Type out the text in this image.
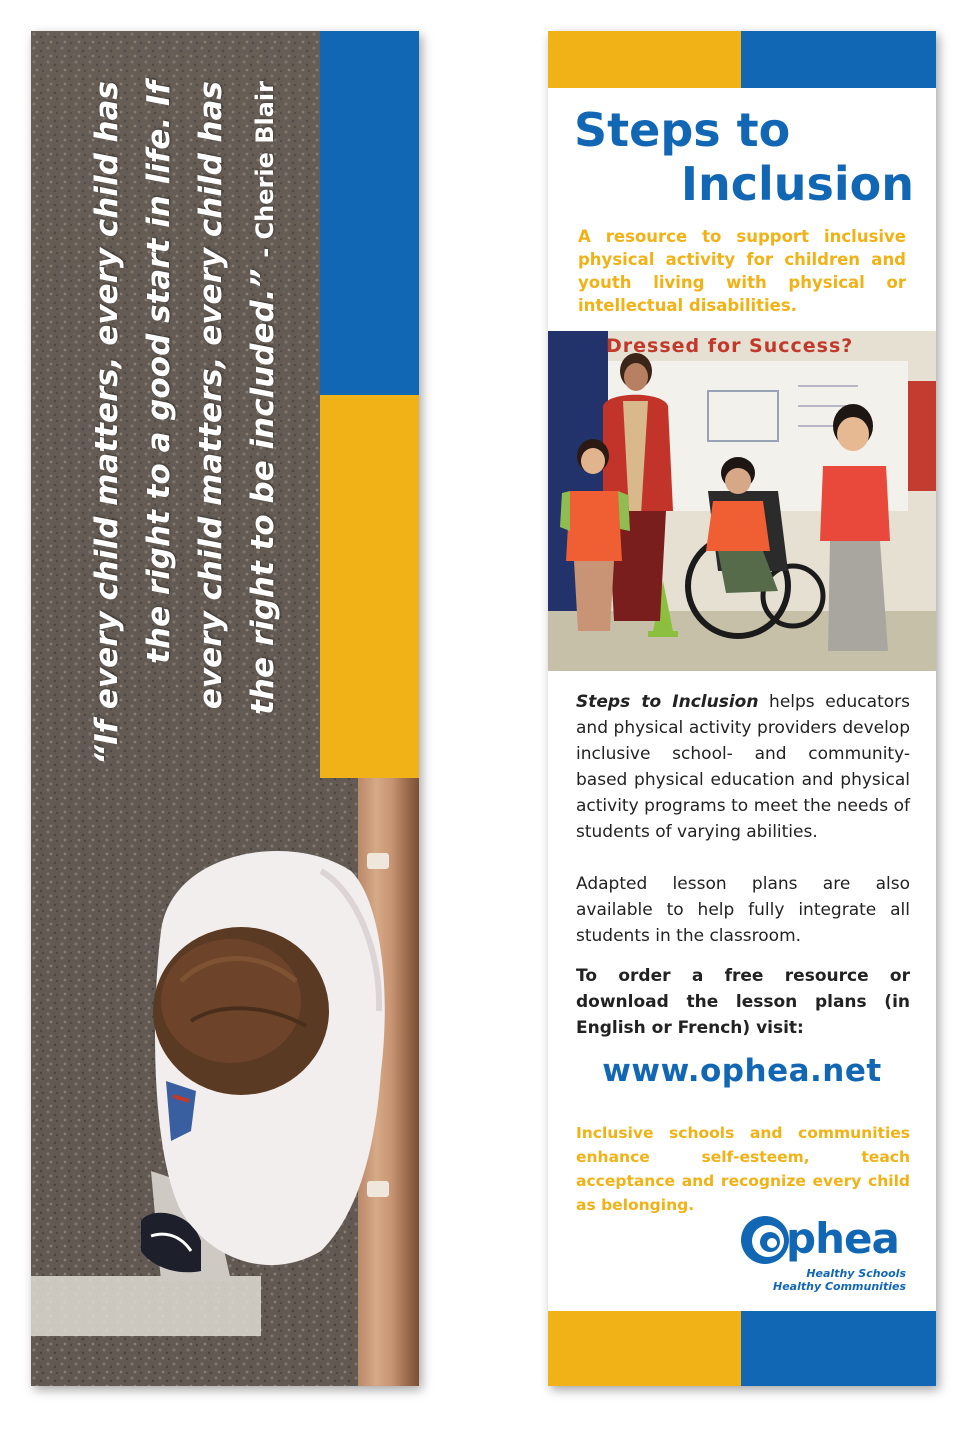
“If every child matters, every child has the right to a good start in life. If every child matters, every child has the right to be included.” - Cherie Blair	Steps to
Inclusion
A resource to support inclusive physical activity for children and youth living with physical or intellectual disabilities.
Dressed for Success?

Steps to Inclusion helps educators and physical activity providers develop inclusive school- and community-based physical education and physical activity programs to meet the needs of students of varying abilities.

Adapted lesson plans are also available to help fully integrate all students in the classroom.

To order a free resource or download the lesson plans (in English or French) visit:
www.ophea.net
Inclusive schools and communities enhance self-esteem, teach acceptance and recognize every child as belonging.
phea
Healthy Schools
Healthy Communities
